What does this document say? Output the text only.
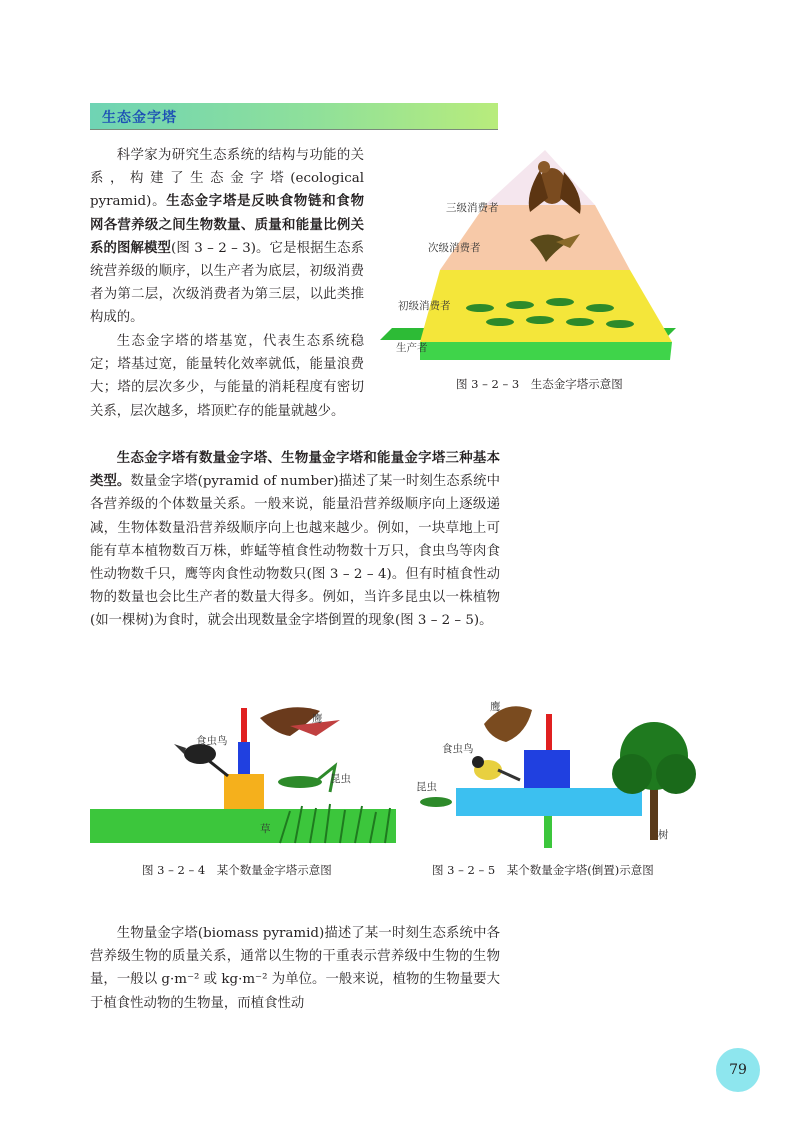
生态金字塔
科学家为研究生态系统的结构与功能的关系，构建了生态金字塔(ecological pyramid)。生态金字塔是反映食物链和食物网各营养级之间生物数量、质量和能量比例关系的图解模型(图 3 – 2 – 3)。它是根据生态系统营养级的顺序，以生产者为底层，初级消费者为第二层，次级消费者为第三层，以此类推构成的。
生态金字塔的塔基宽，代表生态系统稳定；塔基过宽，能量转化效率就低，能量浪费大；塔的层次多少，与能量的消耗程度有密切关系，层次越多，塔顶贮存的能量就越少。
三级消费者
次级消费者
初级消费者
生产者
图 3 – 2 – 3　生态金字塔示意图
生态金字塔有数量金字塔、生物量金字塔和能量金字塔三种基本类型。数量金字塔(pyramid of number)描述了某一时刻生态系统中各营养级的个体数量关系。一般来说，能量沿营养级顺序向上逐级递减，生物体数量沿营养级顺序向上也越来越少。例如，一块草地上可能有草本植物数百万株，蚱蜢等植食性动物数十万只，食虫鸟等肉食性动物数千只，鹰等肉食性动物数只(图 3 – 2 – 4)。但有时植食性动物的数量也会比生产者的数量大得多。例如，当许多昆虫以一株植物(如一棵树)为食时，就会出现数量金字塔倒置的现象(图 3 – 2 – 5)。
鹰
食虫鸟
昆虫
草
图 3 – 2 – 4　某个数量金字塔示意图
鹰
食虫鸟
昆虫
树
图 3 – 2 – 5　某个数量金字塔(倒置)示意图
生物量金字塔(biomass pyramid)描述了某一时刻生态系统中各营养级生物的质量关系，通常以生物的干重表示营养级中生物的生物量，一般以 g·m⁻² 或 kg·m⁻² 为单位。一般来说，植物的生物量要大于植食性动物的生物量，而植食性动
79
